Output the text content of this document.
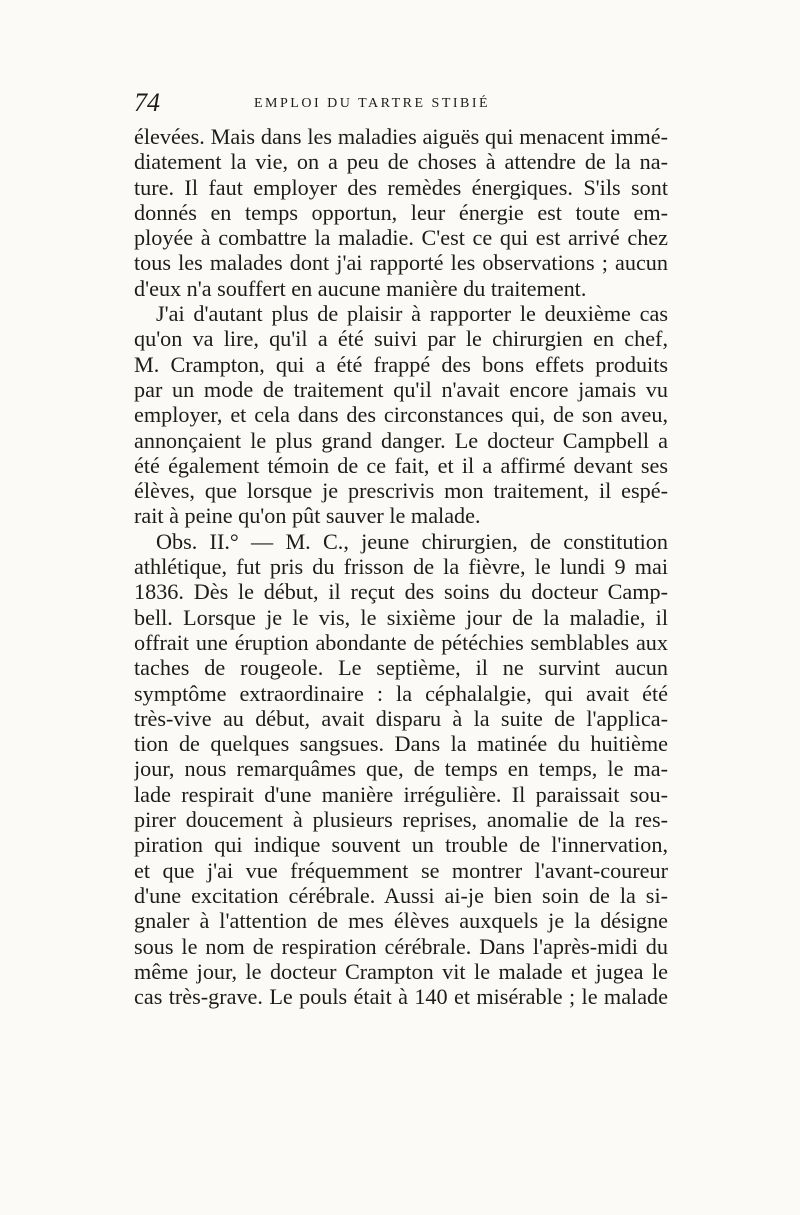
74	EMPLOI DU TARTRE STIBIÉ
élevées. Mais dans les maladies aiguës qui menacent immé-
diatement la vie, on a peu de choses à attendre de la na-
ture. Il faut employer des remèdes énergiques. S'ils sont
donnés en temps opportun, leur énergie est toute em-
ployée à combattre la maladie. C'est ce qui est arrivé chez
tous les malades dont j'ai rapporté les observations ; aucun
d'eux n'a souffert en aucune manière du traitement.
J'ai d'autant plus de plaisir à rapporter le deuxième cas
qu'on va lire, qu'il a été suivi par le chirurgien en chef,
M. Crampton, qui a été frappé des bons effets produits
par un mode de traitement qu'il n'avait encore jamais vu
employer, et cela dans des circonstances qui, de son aveu,
annonçaient le plus grand danger. Le docteur Campbell a
été également témoin de ce fait, et il a affirmé devant ses
élèves, que lorsque je prescrivis mon traitement, il espé-
rait à peine qu'on pût sauver le malade.
Obs. II.° — M. C., jeune chirurgien, de constitution
athlétique, fut pris du frisson de la fièvre, le lundi 9 mai
1836. Dès le début, il reçut des soins du docteur Camp-
bell. Lorsque je le vis, le sixième jour de la maladie, il
offrait une éruption abondante de pétéchies semblables aux
taches de rougeole. Le septième, il ne survint aucun
symptôme extraordinaire : la céphalalgie, qui avait été
très-vive au début, avait disparu à la suite de l'applica-
tion de quelques sangsues. Dans la matinée du huitième
jour, nous remarquâmes que, de temps en temps, le ma-
lade respirait d'une manière irrégulière. Il paraissait sou-
pirer doucement à plusieurs reprises, anomalie de la res-
piration qui indique souvent un trouble de l'innervation,
et que j'ai vue fréquemment se montrer l'avant-coureur
d'une excitation cérébrale. Aussi ai-je bien soin de la si-
gnaler à l'attention de mes élèves auxquels je la désigne
sous le nom de respiration cérébrale. Dans l'après-midi du
même jour, le docteur Crampton vit le malade et jugea le
cas très-grave. Le pouls était à 140 et misérable ; le malade
